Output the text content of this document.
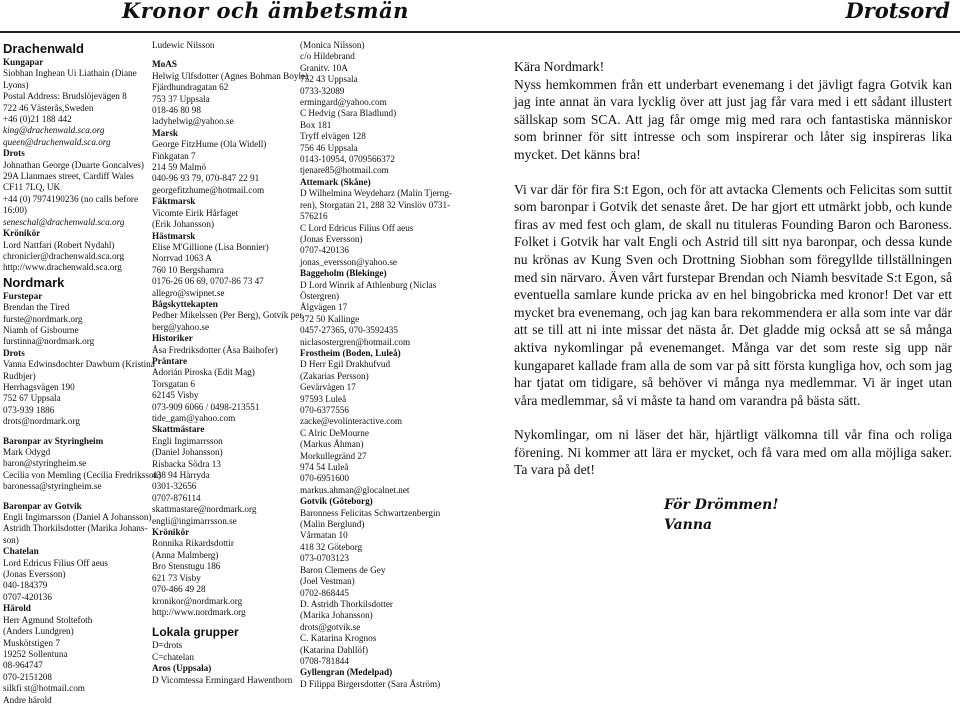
Kronor och ämbetsmän	Drotsord
Drachenwald
Kungapar
Siobhan Inghean Ui Liathain (Diane
Lyons)
Postal Address: Brudslöjevägen 8
722 46 Västerås,Sweden
+46 (0)21 188 442
king@drachenwald.sca.org
queen@drachenwald.sca.org
Drots
Johnathan George (Duarte Goncalves)
29A Llanmaes street, Cardiff Wales
CF11 7LQ, UK
+44 (0) 7974190236 (no calls before
16:00)
seneschal@drachenwald.sca.org
Krönikör
Lord Nattfari (Robert Nydahl)
chronicler@drachenwald.sca.org
http://www.drachenwald.sca.org
Nordmark
Furstepar
Brendan the Tired
furste@nordmark.org
Niamh of Gisbourne
furstinna@nordmark.org
Drots
Vanna Edwinsdochter Dawburn (Kristina
Rudbjer)
Herrhagsvägen 190
752 67 Uppsala
073-939 1886
drots@nordmark.org
Baronpar av Styringheim
Mark Odygd
baron@styringheim.se
Cecilia von Memling (Cecilia Fredriksson)
baronessa@styringheim.se
Baronpar av Gotvik
Engli Ingimarsson (Daniel A Johansson)
Astridh Thorkilsdotter (Marika Johans-
son)
Chatelan
Lord Edricus Filius Off aeus
(Jonas Eversson)
040-184379
0707-420136
Härold
Herr Agmund Stoltefoth
(Anders Lundgren)
Muskötstigen 7
19252 Sollentuna
08-964747
070-2151208
silkfi st@hotmail.com
Andre härold
Ludewic Nilsson
MoAS
Helwig Ulfsdotter (Agnes Bohman Boyle)
Fjärdhundragatan 62
753 37 Uppsala
018-46 80 98
ladyhelwig@yahoo.se
Marsk
George FitzHume (Ola Widell)
Finkgatan 7
214 59 Malmö
040-96 93 79, 070-847 22 91
georgefitzhume@hotmail.com
Fäktmarsk
Vicomte Eirik Hårfaget
(Erik Johansson)
Hästmarsk
Elise M'Gillione (Lisa Bonnier)
Norrvad 1063 A
760 10 Bergshamra
0176-26 06 69, 0707-86 73 47
allegro@swipnet.se
Bågskyttekapten
Pedher Mikelssen (Per Berg), Gotvik per.
berg@yahoo.se
Historiker
Åsa Fredriksdotter (Åsa Baihofer)
Präntare
Adorián Piroska (Edit Mag)
Torsgatan 6
62145 Visby
073-909 6066 / 0498-213551
tide_gam@yahoo.com
Skattmästare
Engli Ingimarrsson
(Daniel Johansson)
Risbacka Södra 13
438 94 Härryda
0301-32656
0707-876114
skattmastare@nordmark.org
engli@ingimarrsson.se
Krönikör
Ronnika Rikardsdottir
(Anna Malmberg)
Bro Stenstugu 186
621 73 Visby
070-466 49 28
kronikor@nordmark.org
http://www.nordmark.org
Lokala grupper
D=drots
C=chatelan
Aros (Uppsala)
D Vicomtessa Ermingard Hawenthorn
(Monica Nilsson)
c/o Hildebrand
Granitv. 10A
752 43 Uppsala
0733-32089
ermingard@yahoo.com
C Hedvig (Sara Bladlund)
Box 181
Tryff elvägen 128
756 46 Uppsala
0143-10954, 0709566372
tjenare85@hotmail.com
Attemark (Skåne)
D Wilhelmina Weydeharz (Malin Tjerng-
ren), Storgatan 21, 288 32 Vinslöv 0731-
576216
C Lord Edricus Filius Off aeus
(Jonas Eversson)
0707-420136
jonas_eversson@yahoo.se
Baggeholm (Blekinge)
D Lord Winrik af Athlenburg (Niclas
Östergren)
Ålgvägen 17
372 50 Kallinge
0457-27365, 070-3592435
niclasostergren@hotmail.com
Frostheim (Boden, Luleå)
D Herr Egil Drakhufvud
(Zakarias Persson)
Gevärvägen 17
97593 Luleå
070-6377556
zacke@evolinteractive.com
C Alric DeMourne
(Markus Åhman)
Morkullegränd 27
974 54 Luleå
070-6951600
markus.ahman@glocalnet.net
Gotvik (Göteborg)
Baronness Felicitas Schwartzenbergin
(Malin Berglund)
Vårmatan 10
418 32 Göteborg
073-0703123
Baron Clemens de Gey
(Joel Vestman)
0702-868445
D. Astridh Thorkilsdotter
(Marika Johansson)
drots@gotvik.se
C. Katarina Krognos
(Katarina Dahllöf)
0708-781844
Gyllengran (Medelpad)
D Filippa Birgersdotter (Sara Åström)
Kära Nordmark!

Nyss hemkommen från ett underbart evenemang i det jävligt fagra Gotvik kan jag inte annat än vara lycklig över att just jag får vara med i ett sådant illustert sällskap som SCA. Att jag får omge mig med rara och fantastiska människor som brinner för sitt intresse och som inspirerar och låter sig inspireras lika mycket. Det känns bra!

Vi var där för fira S:t Egon, och för att avtacka Clements och Felicitas som suttit som baronpar i Gotvik det senaste året. De har gjort ett utmärkt jobb, och kunde firas av med fest och glam, de skall nu tituleras Founding Baron och Baroness. Folket i Gotvik har valt Engli och Astrid till sitt nya baronpar, och dessa kunde nu krönas av Kung Sven och Drottning Siobhan som föregyllde tillställningen med sin närvaro. Även vårt furstepar Brendan och Niamh besvitade S:t Egon, så eventuella samlare kunde pricka av en hel bingobricka med kronor! Det var ett mycket bra evenemang, och jag kan bara rekommendera er alla som inte var där att se till att ni inte missar det nästa år. Det gladde mig också att se så många aktiva nykomlingar på evenemanget. Många var det som reste sig upp när kungaparet kallade fram alla de som var på sitt första kungliga hov, och som jag har tjatat om tidigare, så behöver vi många nya medlemmar. Vi är inget utan våra medlemmar, så vi måste ta hand om varandra på bästa sätt.

Nykomlingar, om ni läser det här, hjärtligt välkomna till vår fina och roliga förening. Ni kommer att lära er mycket, och få vara med om alla möjliga saker. Ta vara på det!

För Drömmen!
Vanna
